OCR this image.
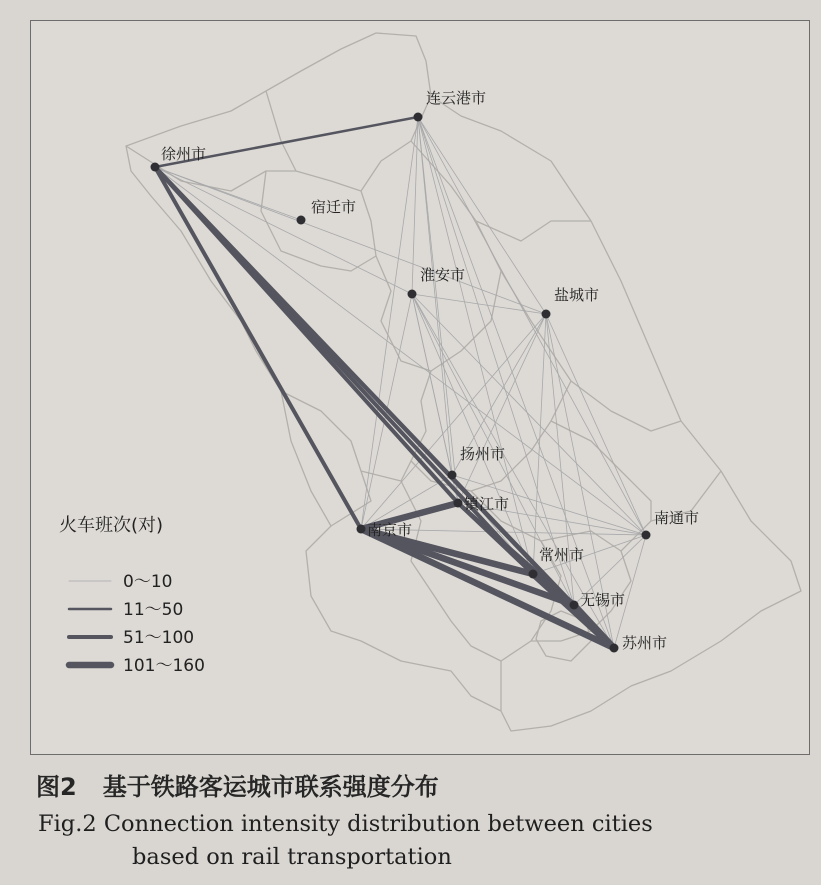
徐州市
连云港市
宿迁市
淮安市
盐城市
扬州市
镇江市
南京市
南通市
常州市
无锡市
苏州市
火车班次(对)
0～10
11～50
51～100
101～160
图2 基于铁路客运城市联系强度分布
Fig.2 Connection intensity distribution between cities
based on rail transportation
